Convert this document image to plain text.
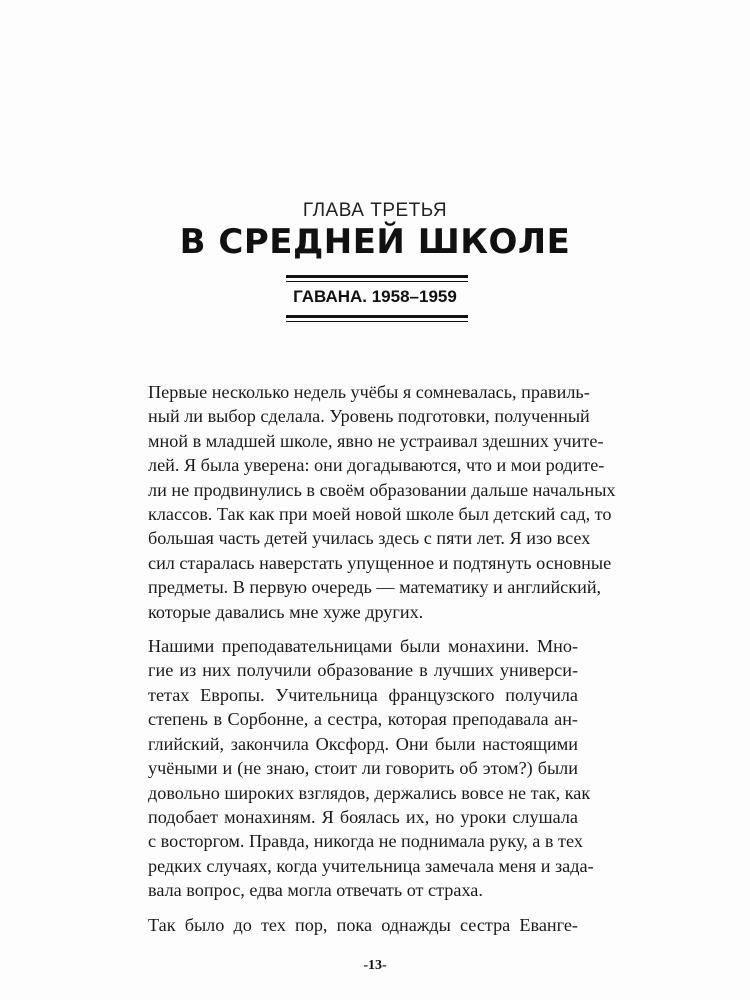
ГЛАВА ТРЕТЬЯ
В СРЕДНЕЙ ШКОЛЕ
ГАВАНА. 1958–1959

Первые несколько недель учёбы я сомневалась, правиль-
ный ли выбор сделала. Уровень подготовки, полученный
мной в младшей школе, явно не устраивал здешних учите-
лей. Я была уверена: они догадываются, что и мои родите-
ли не продвинулись в своём образовании дальше начальных
классов. Так как при моей новой школе был детский сад, то
большая часть детей училась здесь с пяти лет. Я изо всех
сил старалась наверстать упущенное и подтянуть основные
предметы. В первую очередь — математику и английский,
которые давались мне хуже других.

Нашими преподавательницами были монахини. Мно-
гие из них получили образование в лучших универси-
тетах Европы. Учительница французского получила
степень в Сорбонне, а сестра, которая преподавала ан-
глийский, закончила Оксфорд. Они были настоящими
учёными и (не знаю, стоит ли говорить об этом?) были
довольно широких взглядов, держались вовсе не так, как
подобает монахиням. Я боялась их, но уроки слушала
с восторгом. Правда, никогда не поднимала руку, а в тех
редких случаях, когда учительница замечала меня и зада-
вала вопрос, едва могла отвечать от страха.

Так было до тех пор, пока однажды сестра Еванге-

-13-
